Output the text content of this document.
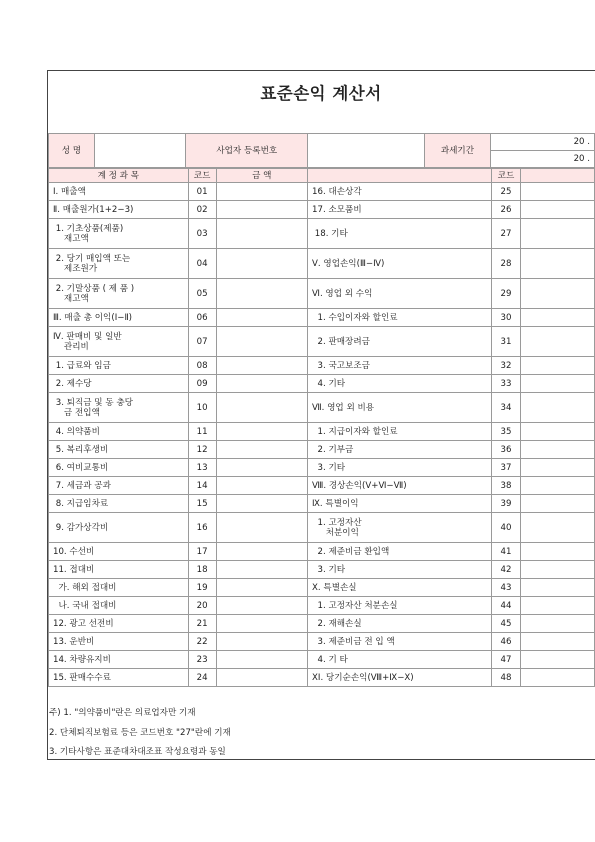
표준손익 계산서
성 명		사업자 등록번호		과세기간	20 .
20 .
계 정 과 목	코드	금 액		코드	

Ⅰ. 매출액	01		16. 대손상각	25	

Ⅱ. 매출원가(1+2−3)	02		17. 소모품비	26	

1. 기초상품(제품)
재고액	03		18. 기타	27	

2. 당기 매입액 또는
제조원가	04		Ⅴ. 영업손익(Ⅲ−Ⅳ)	28	

2. 기말상품 ( 제 품 )
재고액	05		Ⅵ. 영업 외 수익	29	

Ⅲ. 매출 총 이익(Ⅰ−Ⅱ)	06		1. 수입이자와 할인료	30	

Ⅳ. 판매비 및 일반
관리비	07		2. 판매장려금	31	

1. 급료와 임금	08		3. 국고보조금	32	

2. 제수당	09		4. 기타	33	

3. 퇴직금 및 동 충당
금 전입액	10		Ⅶ. 영업 외 비용	34	

4. 의약품비	11		1. 지급이자와 할인료	35	

5. 복리후생비	12		2. 기부금	36	

6. 여비교통비	13		3. 기타	37	

7. 세금과 공과	14		Ⅷ. 경상손익(Ⅴ+Ⅵ−Ⅶ)	38	

8. 지급임차료	15		Ⅸ. 특별이익	39	

9. 감가상각비	16		1. 고정자산
처분이익	40	

10. 수선비	17		2. 제준비금 환입액	41	

11. 접대비	18		3. 기타	42	

가. 해외 접대비	19		Ⅹ. 특별손실	43	

나. 국내 접대비	20		1. 고정자산 처분손실	44	

12. 광고 선전비	21		2. 재해손실	45	

13. 운반비	22		3. 제준비금 전 입 액	46	

14. 차량유지비	23		4. 기 타	47	

15. 판매수수료	24		ⅩⅠ. 당기순손익(Ⅷ+Ⅸ−Ⅹ)	48	

주) 1. "의약품비"란은 의료업자만 기재
2. 단체퇴직보험료 등은 코드번호 "27"란에 기재
3. 기타사항은 표준대차대조표 작성요령과 동일
